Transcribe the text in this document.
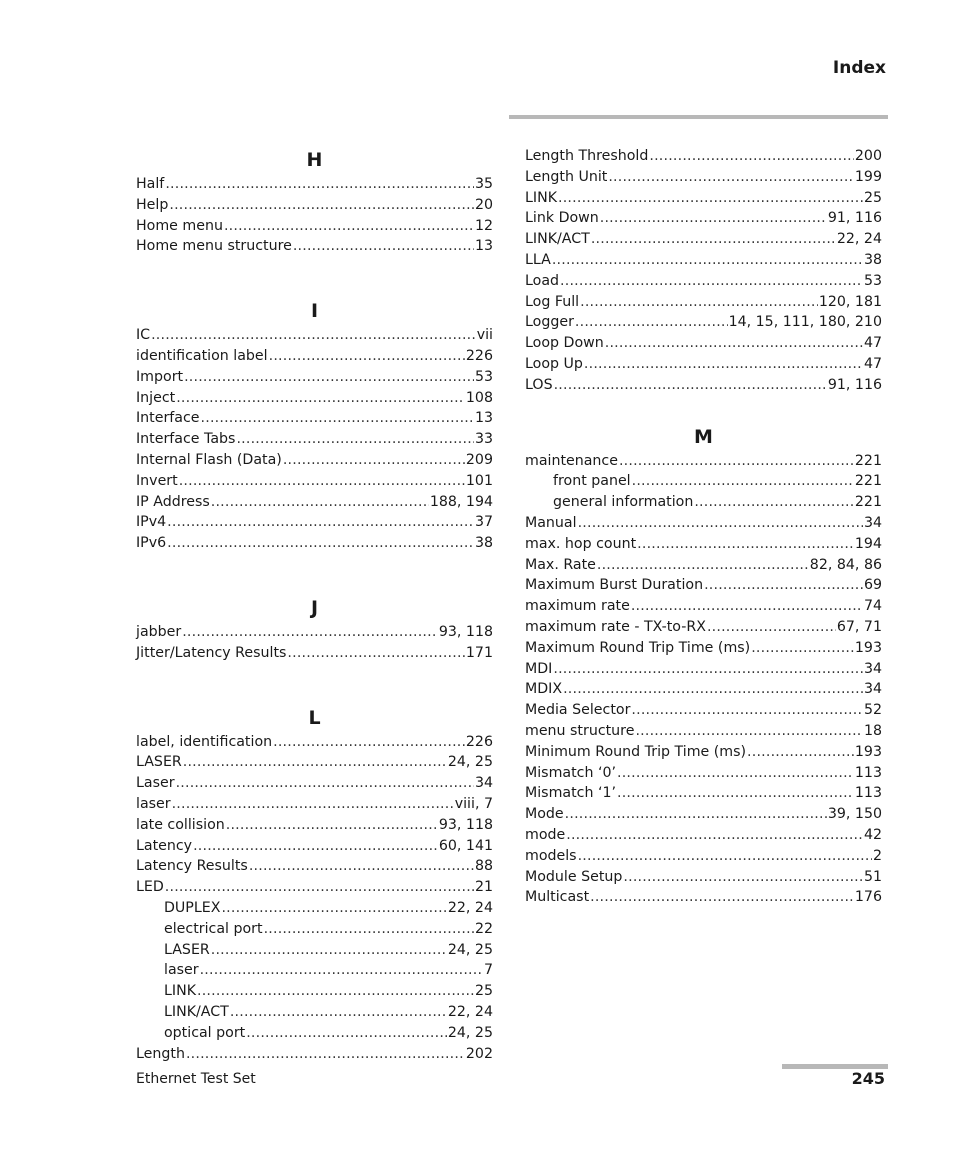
Index
H
Half .....	35
Help .....	20
Home menu .....	12
Home menu structure .....	13
I
IC .....	vii
identification label .....	226
Import .....	53
Inject .....	108
Interface .....	13
Interface Tabs .....	33
Internal Flash (Data) .....	209
Invert .....	101
IP Address .....	188, 194
IPv4 .....	37
IPv6 .....	38
J
jabber .....	93, 118
Jitter/Latency Results .....	171
L
label, identification .....	226
LASER .....	24, 25
Laser .....	34
laser .....	viii, 7
late collision .....	93, 118
Latency .....	60, 141
Latency Results .....	88
LED .....	21
DUPLEX .....	22, 24
electrical port .....	22
LASER .....	24, 25
laser .....	7
LINK .....	25
LINK/ACT .....	22, 24
optical port .....	24, 25
Length .....	202
Length Threshold .....	200
Length Unit .....	199
LINK .....	25
Link Down .....	91, 116
LINK/ACT .....	22, 24
LLA .....	38
Load .....	53
Log Full .....	120, 181
Logger .....	14, 15, 111, 180, 210
Loop Down .....	47
Loop Up .....	47
LOS .....	91, 116
M
maintenance .....	221
front panel .....	221
general information .....	221
Manual .....	34
max. hop count .....	194
Max. Rate .....	82, 84, 86
Maximum Burst Duration .....	69
maximum rate .....	74
maximum rate - TX-to-RX .....	67, 71
Maximum Round Trip Time (ms) .....	193
MDI .....	34
MDIX .....	34
Media Selector .....	52
menu structure .....	18
Minimum Round Trip Time (ms) .....	193
Mismatch ‘0’ .....	113
Mismatch ‘1’ .....	113
Mode .....	39, 150
mode .....	42
models .....	2
Module Setup .....	51
Multicast .....	176
Ethernet Test Set	245
